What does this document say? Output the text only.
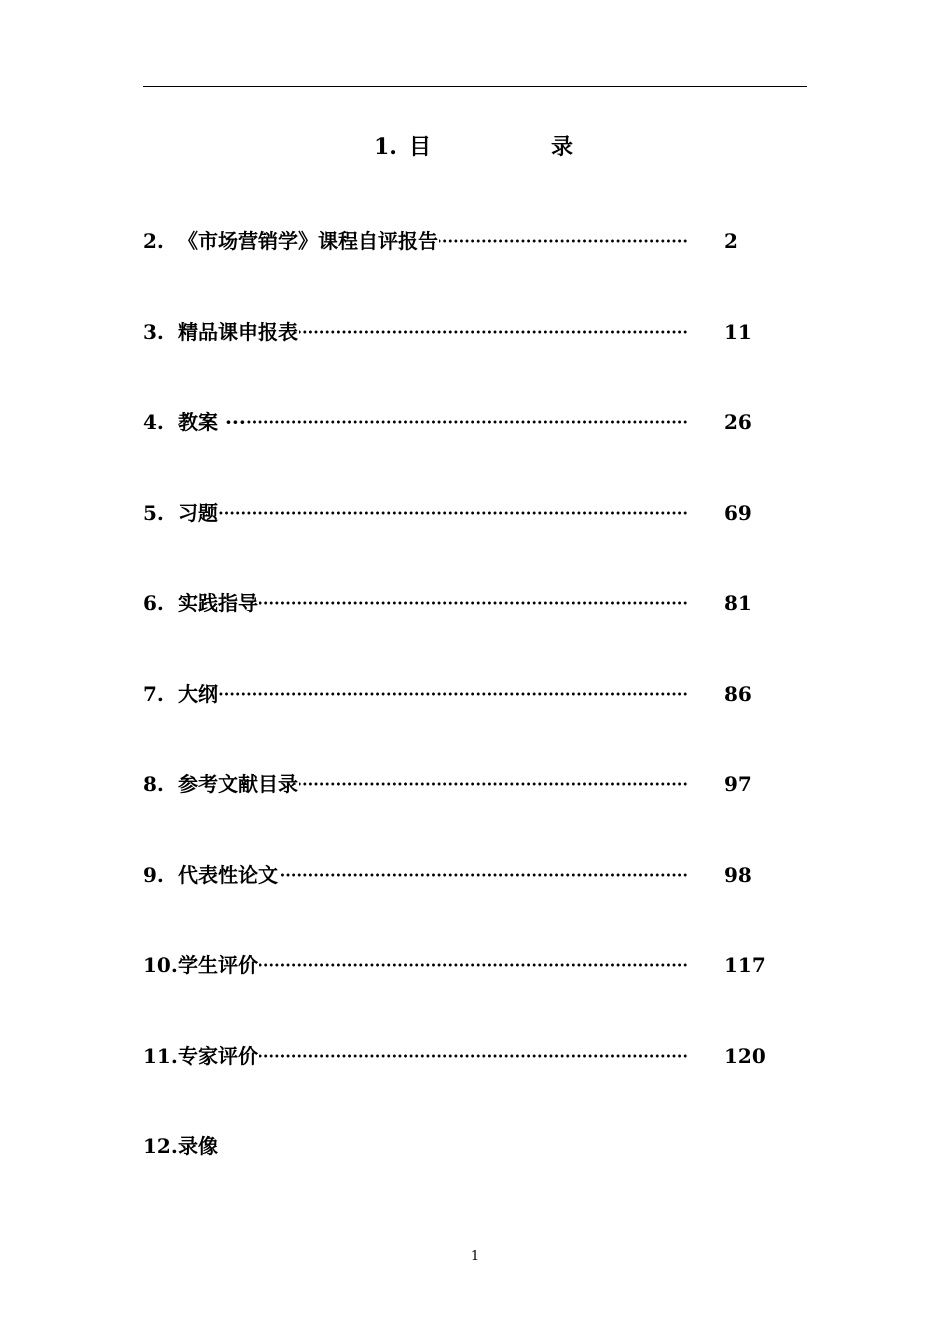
1. 目	录
2. 《市场营销学》课程自评报告	2
3. 精品课申报表	11
4. 教案 ···	26
5. 习题	69
6. 实践指导	81
7. 大纲	86
8. 参考文献目录	97
9. 代表性论文	98
10. 学生评价	117
11. 专家评价	120
12. 录像
1
